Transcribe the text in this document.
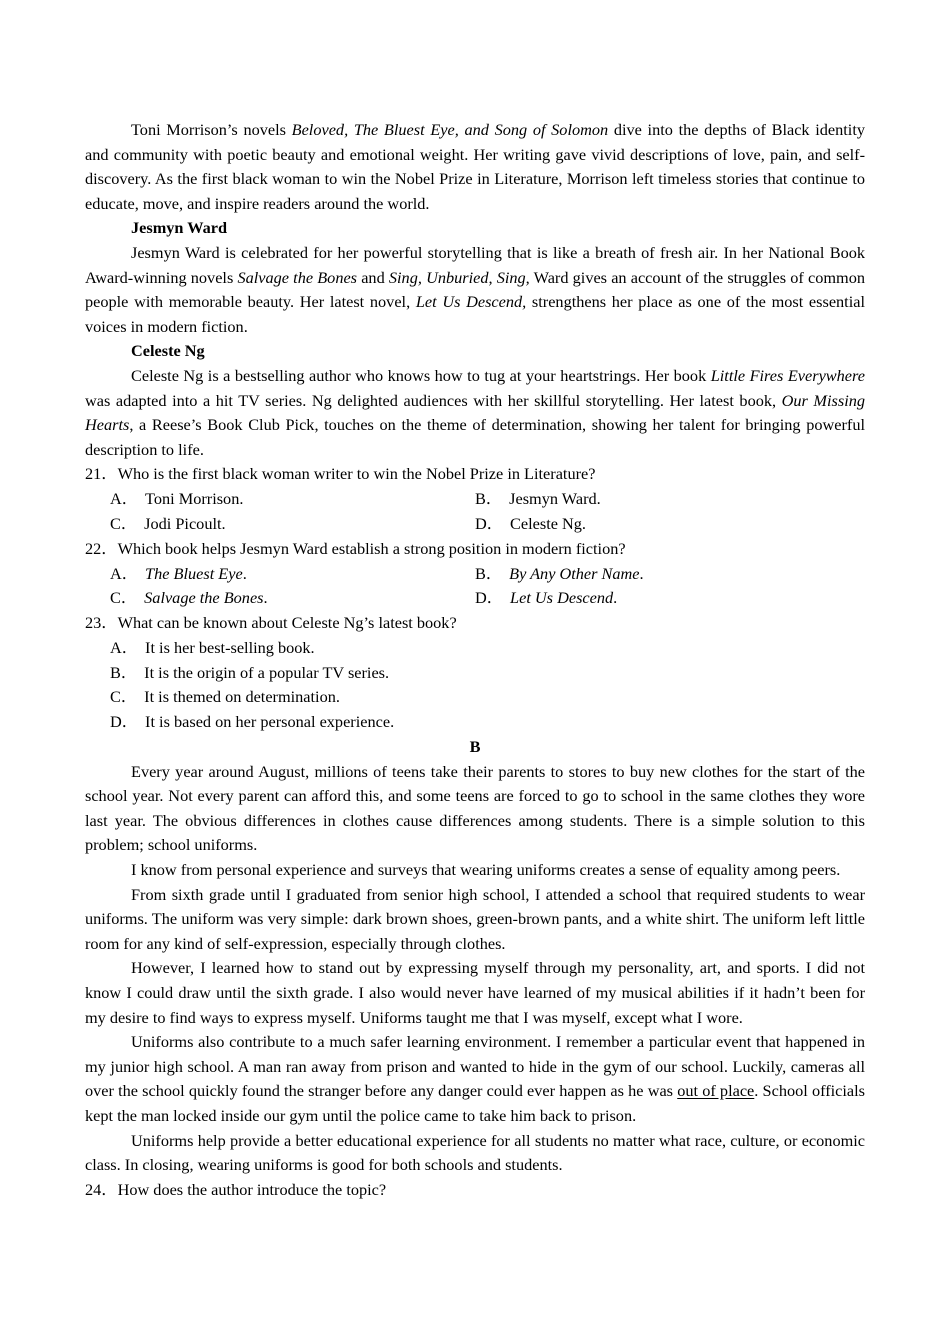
Toni Morrison’s novels Beloved, The Bluest Eye, and Song of Solomon dive into the depths of Black identity and community with poetic beauty and emotional weight. Her writing gave vivid descriptions of love, pain, and self-discovery. As the first black woman to win the Nobel Prize in Literature, Morrison left timeless stories that continue to educate, move, and inspire readers around the world.

Jesmyn Ward

Jesmyn Ward is celebrated for her powerful storytelling that is like a breath of fresh air. In her National Book Award-winning novels Salvage the Bones and Sing, Unburied, Sing, Ward gives an account of the struggles of common people with memorable beauty. Her latest novel, Let Us Descend, strengthens her place as one of the most essential voices in modern fiction.

Celeste Ng

Celeste Ng is a bestselling author who knows how to tug at your heartstrings. Her book Little Fires Everywhere was adapted into a hit TV series. Ng delighted audiences with her skillful storytelling. Her latest book, Our Missing Hearts, a Reese’s Book Club Pick, touches on the theme of determination, showing her talent for bringing powerful description to life.

21．Who is the first black woman writer to win the Nobel Prize in Literature?
A． Toni Morrison.	B． Jesmyn Ward.
C． Jodi Picoult.	D． Celeste Ng.
22．Which book helps Jesmyn Ward establish a strong position in modern fiction?
A． The Bluest Eye .	B． By Any Other Name .
C． Salvage the Bones .	D． Let Us Descend .
23．What can be known about Celeste Ng’s latest book?
A． It is her best-selling book.
B． It is the origin of a popular TV series.
C． It is themed on determination.
D． It is based on her personal experience.
B

Every year around August, millions of teens take their parents to stores to buy new clothes for the start of the school year. Not every parent can afford this, and some teens are forced to go to school in the same clothes they wore last year. The obvious differences in clothes cause differences among students. There is a simple solution to this problem; school uniforms.

I know from personal experience and surveys that wearing uniforms creates a sense of equality among peers.

From sixth grade until I graduated from senior high school, I attended a school that required students to wear uniforms. The uniform was very simple: dark brown shoes, green-brown pants, and a white shirt. The uniform left little room for any kind of self-expression, especially through clothes.

However, I learned how to stand out by expressing myself through my personality, art, and sports. I did not know I could draw until the sixth grade. I also would never have learned of my musical abilities if it hadn’t been for my desire to find ways to express myself. Uniforms taught me that I was myself, except what I wore.

Uniforms also contribute to a much safer learning environment. I remember a particular event that happened in my junior high school. A man ran away from prison and wanted to hide in the gym of our school. Luckily, cameras all over the school quickly found the stranger before any danger could ever happen as he was out of place. School officials kept the man locked inside our gym until the police came to take him back to prison.

Uniforms help provide a better educational experience for all students no matter what race, culture, or economic class. In closing, wearing uniforms is good for both schools and students.

24．How does the author introduce the topic?
